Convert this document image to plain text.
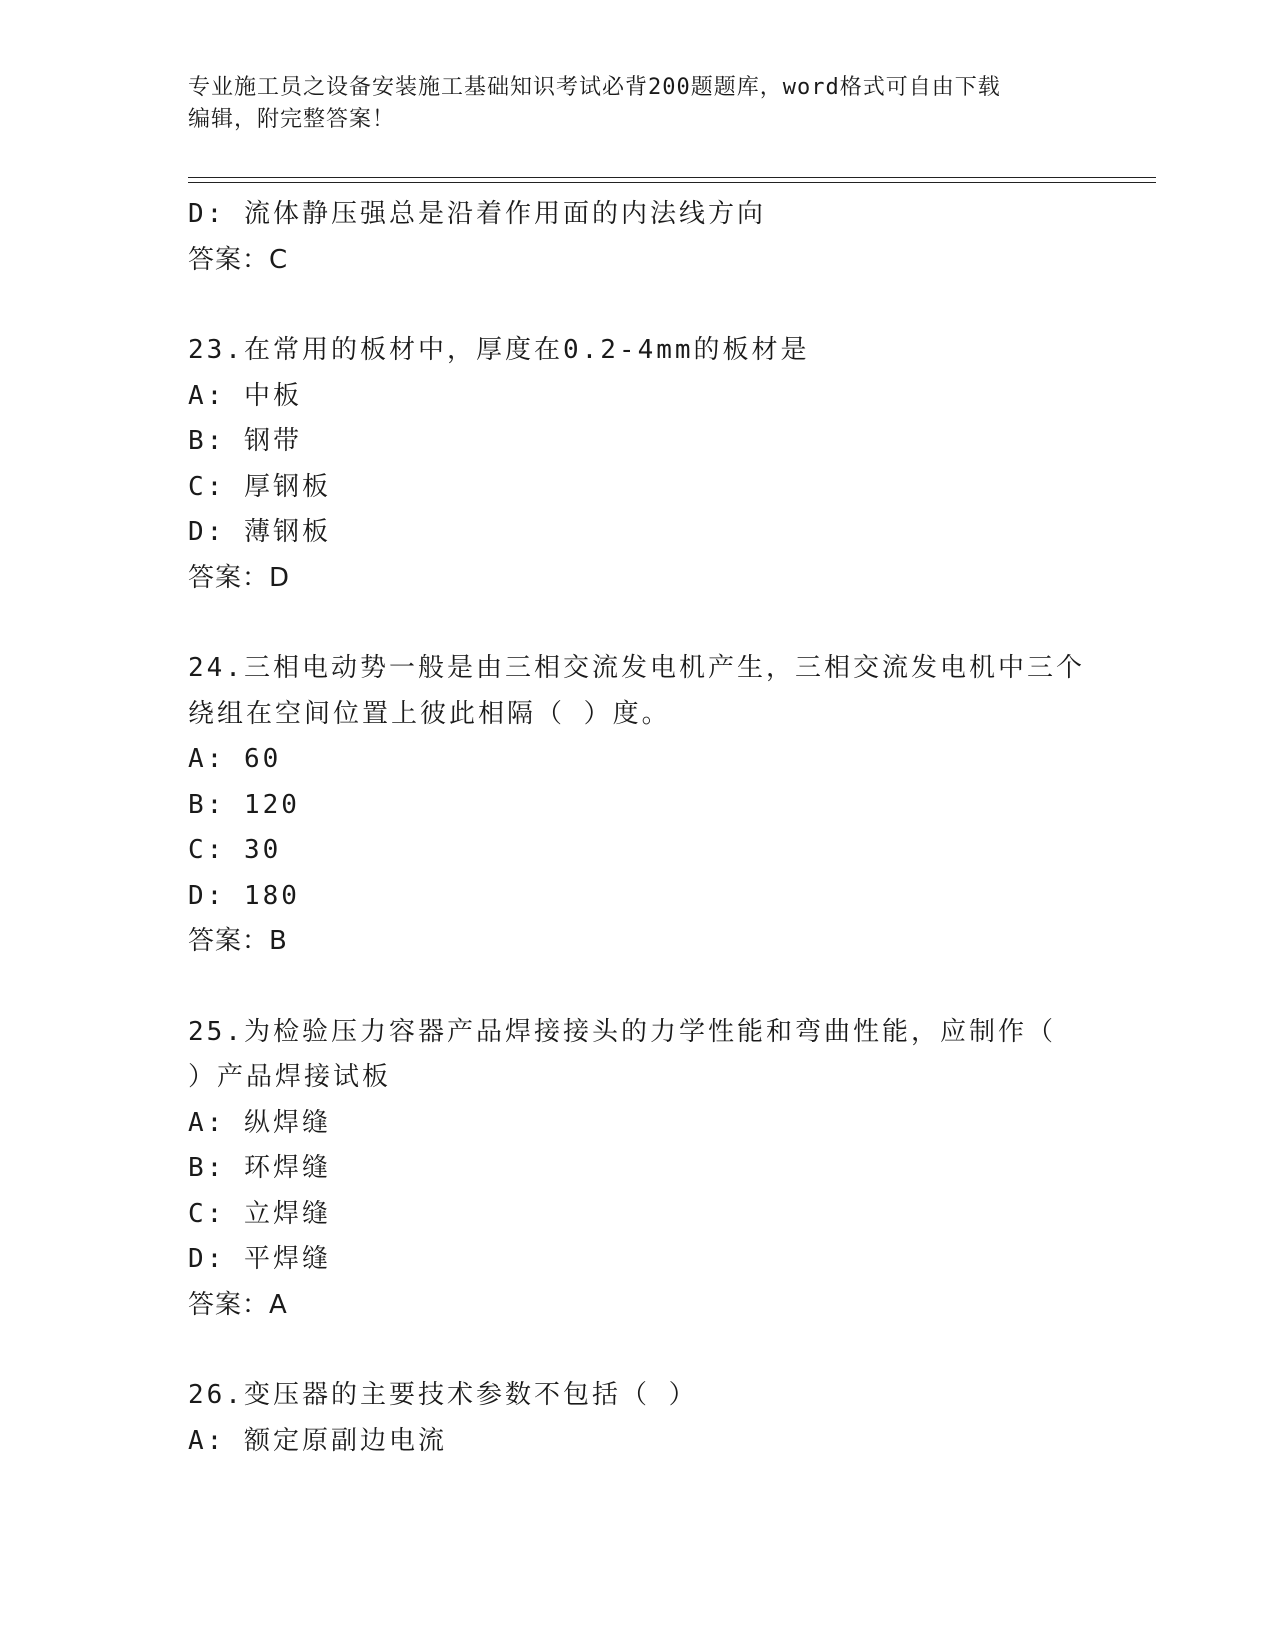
专业施工员之设备安装施工基础知识考试必背200题题库，word格式可自由下载
编辑，附完整答案！
D: 流体静压强总是沿着作用面的内法线方向
答案：C
23.在常用的板材中，厚度在0.2-4mm的板材是
A: 中板
B: 钢带
C: 厚钢板
D: 薄钢板
答案：D
24.三相电动势一般是由三相交流发电机产生，三相交流发电机中三个
绕组在空间位置上彼此相隔（ ）度。
A: 60
B: 120
C: 30
D: 180
答案：B
25.为检验压力容器产品焊接接头的力学性能和弯曲性能，应制作（
）产品焊接试板
A: 纵焊缝
B: 环焊缝
C: 立焊缝
D: 平焊缝
答案：A
26.变压器的主要技术参数不包括（ ）
A: 额定原副边电流
